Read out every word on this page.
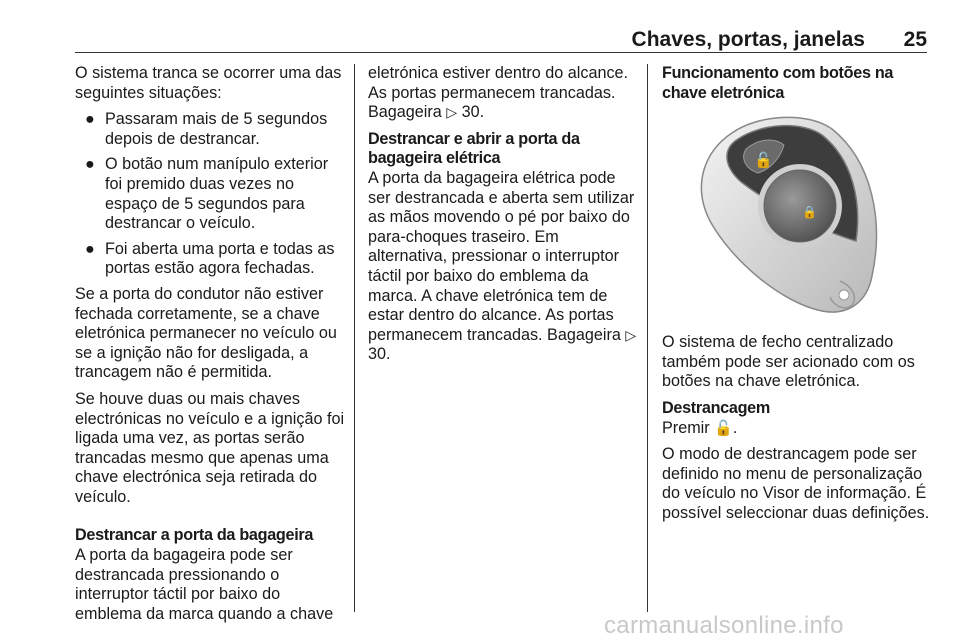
Chaves, portas, janelas 25

O sistema tranca se ocorrer uma das seguintes situações:

● Passaram mais de 5 segundos depois de destrancar.
● O botão num manípulo exterior foi premido duas vezes no espaço de 5 segundos para destrancar o veículo.
● Foi aberta uma porta e todas as portas estão agora fechadas.

Se a porta do condutor não estiver fechada corretamente, se a chave eletrónica permanecer no veículo ou se a ignição não for desligada, a trancagem não é permitida.

Se houve duas ou mais chaves electrónicas no veículo e a ignição foi ligada uma vez, as portas serão trancadas mesmo que apenas uma chave electrónica seja retirada do veículo.

Destrancar a porta da bagageira

A porta da bagageira pode ser destrancada pressionando o interruptor táctil por baixo do emblema da marca quando a chave

eletrónica estiver dentro do alcance. As portas permanecem trancadas. Bagageira ▷ 30.

Destrancar e abrir a porta da bagageira elétrica

A porta da bagageira elétrica pode ser destrancada e aberta sem utilizar as mãos movendo o pé por baixo do para-choques traseiro. Em alternativa, pressionar o interruptor táctil por baixo do emblema da marca. A chave eletrónica tem de estar dentro do alcance. As portas permanecem trancadas. Bagageira ▷ 30.

Funcionamento com botões na chave eletrónica

🔓
🔒

O sistema de fecho centralizado também pode ser acionado com os botões na chave eletrónica.

Destrancagem

Premir 🔓.

O modo de destrancagem pode ser definido no menu de personalização do veículo no Visor de informação. É possível seleccionar duas definições.

carmanualsonline.info
